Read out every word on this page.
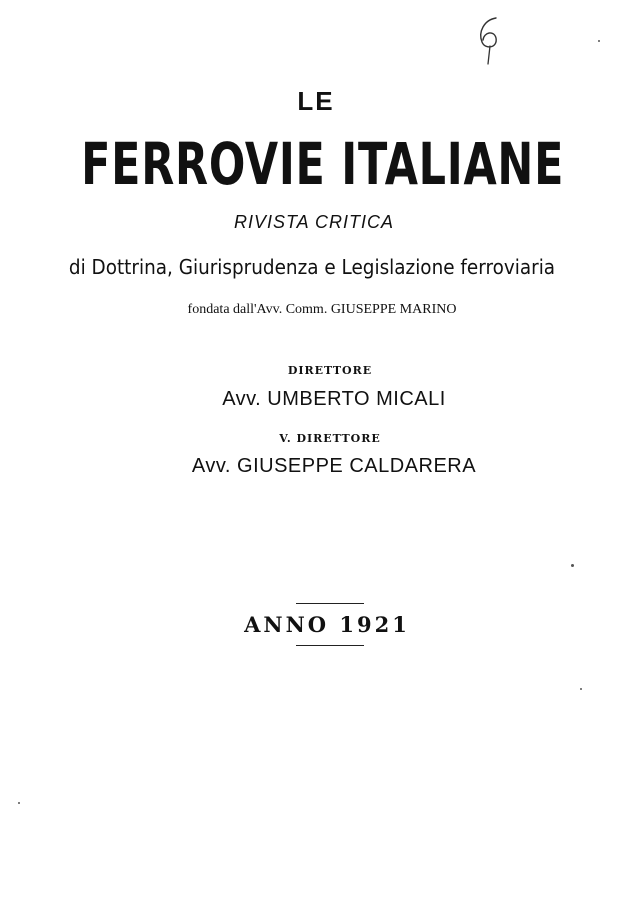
LE
FERROVIE ITALIANE
RIVISTA CRITICA
di Dottrina, Giurisprudenza e Legislazione ferroviaria
fondata dall'Avv. Comm. GIUSEPPE MARINO
DIRETTORE
Avv. UMBERTO MICALI
V. DIRETTORE
Avv. GIUSEPPE CALDARERA
ANNO 1921
